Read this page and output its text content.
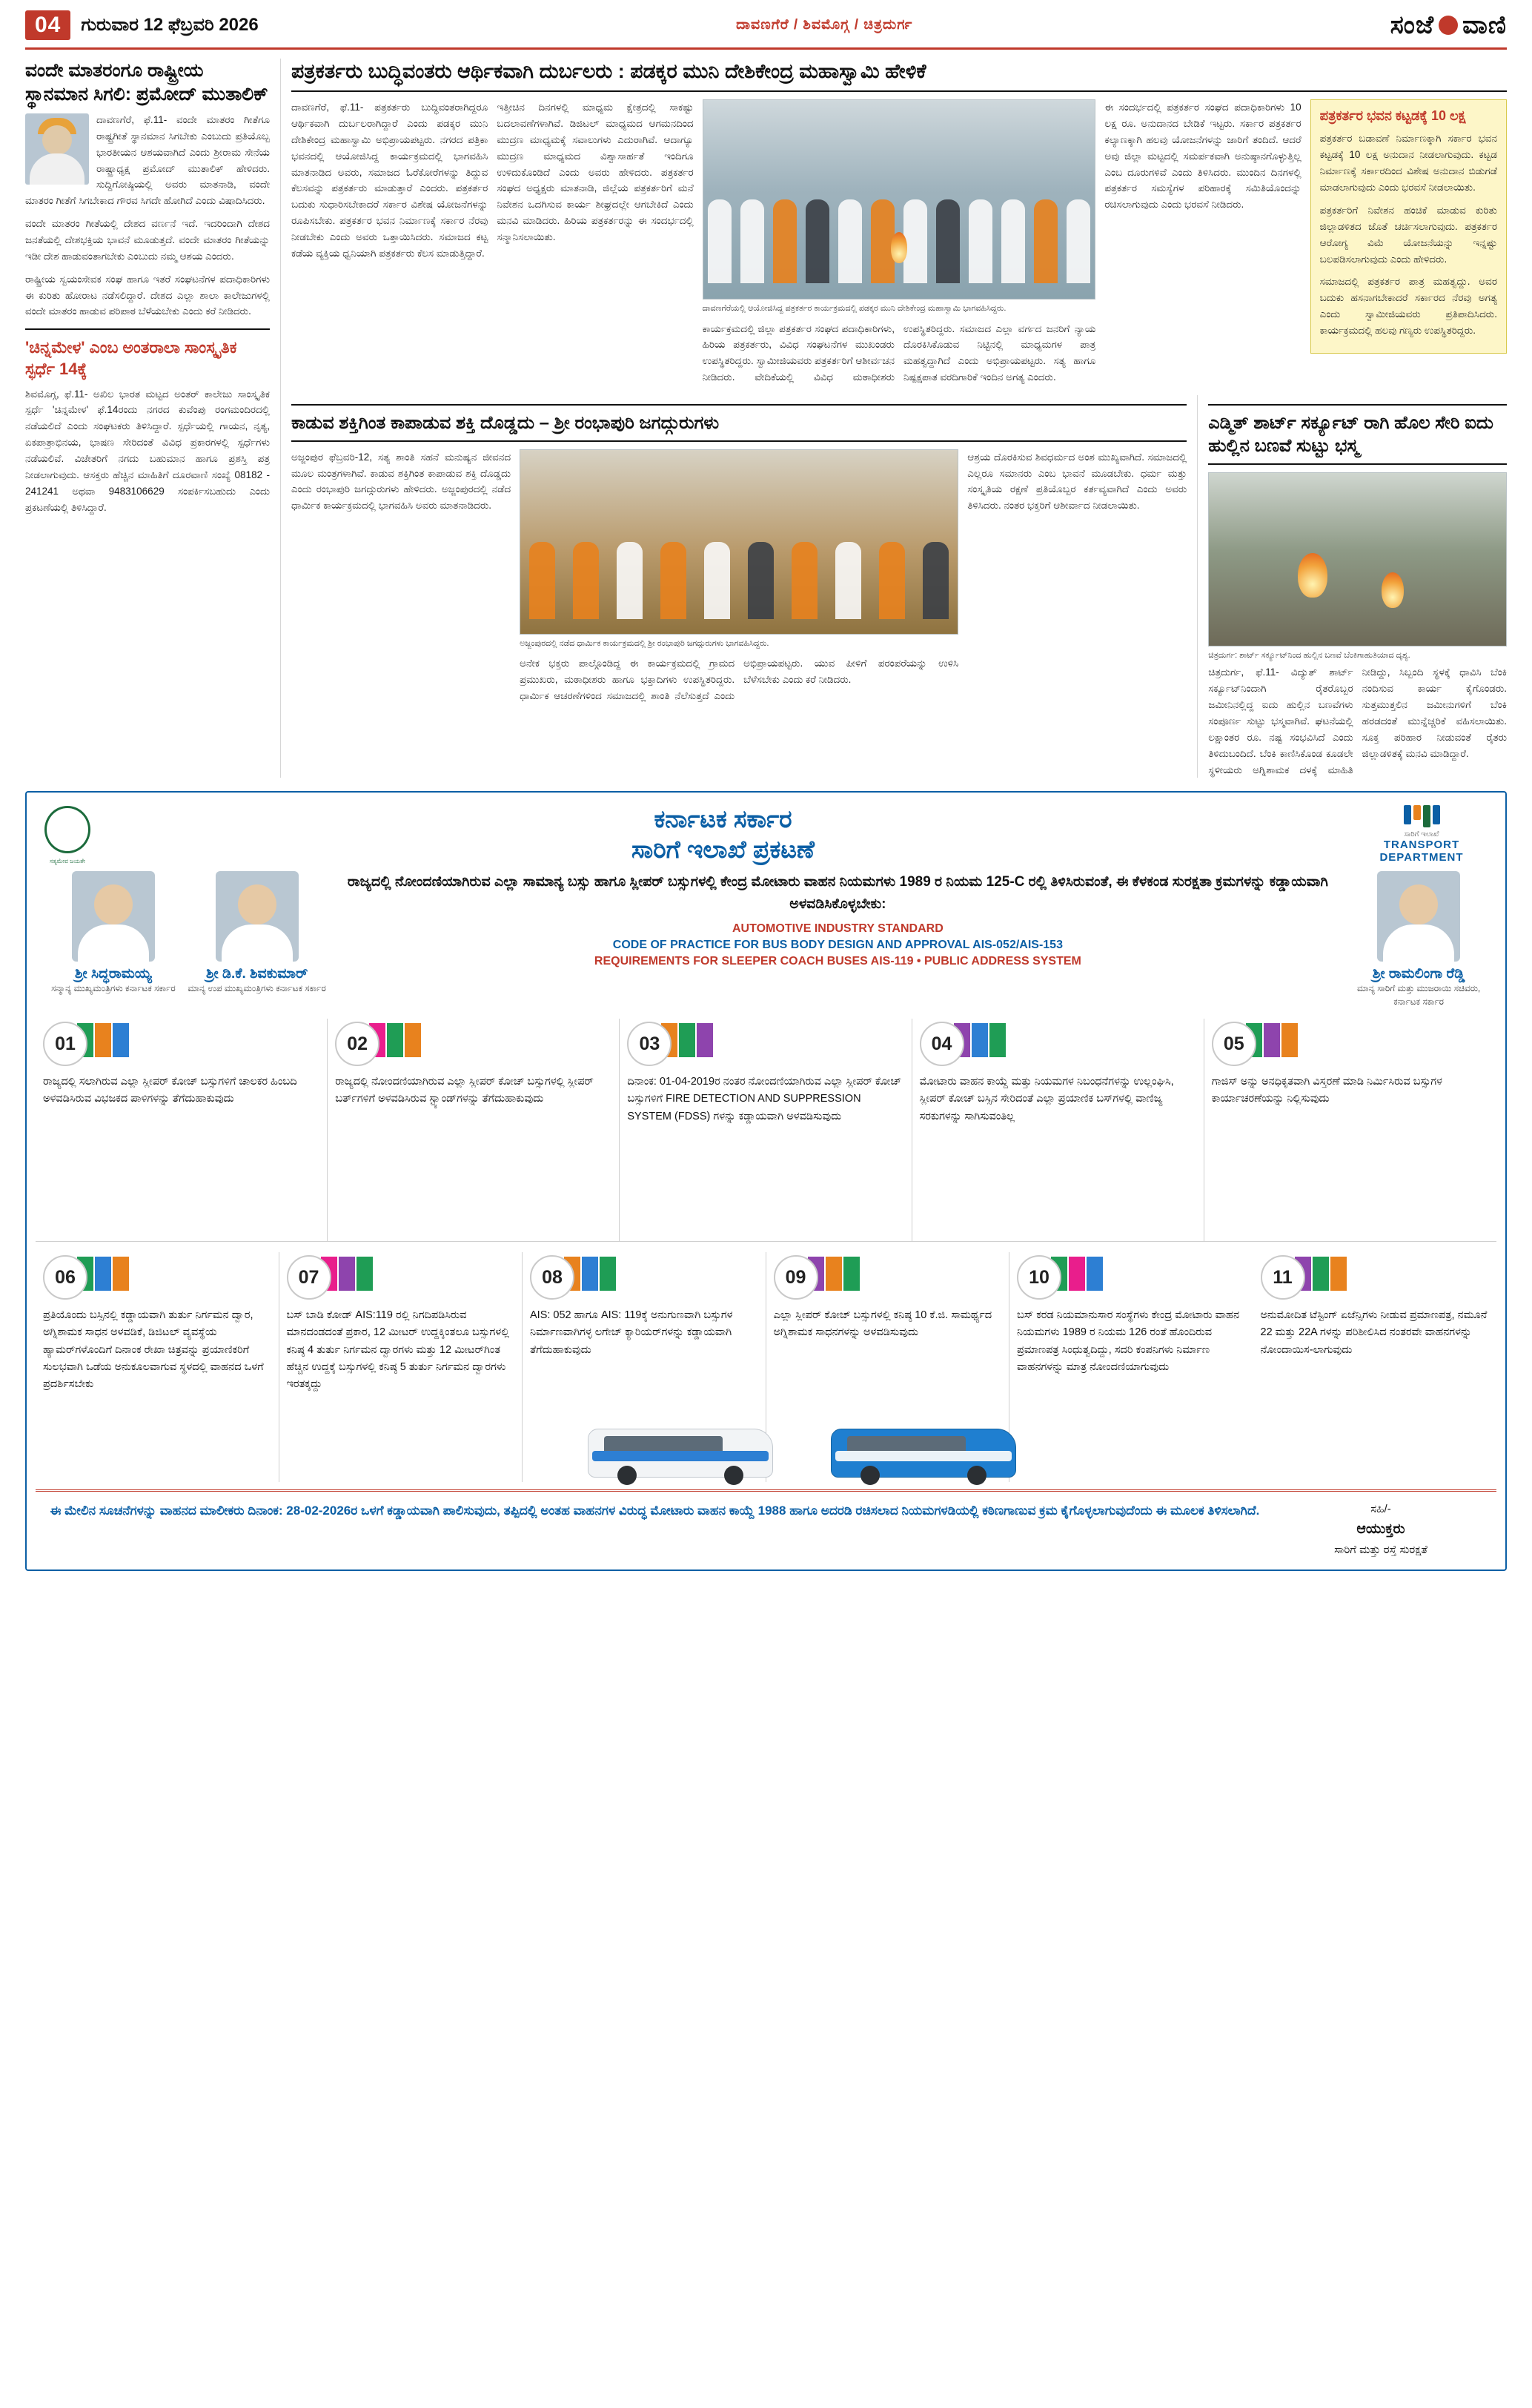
04	ಗುರುವಾರ 12 ಫೆಬ್ರವರಿ 2026	ದಾವಣಗೆರೆ / ಶಿವಮೊಗ್ಗ / ಚಿತ್ರದುರ್ಗ	ಸಂಜೆ ವಾಣಿ
ವಂದೇ ಮಾತರಂಗೂ ರಾಷ್ಟ್ರೀಯ ಸ್ಥಾನಮಾನ ಸಿಗಲಿ: ಪ್ರಮೋದ್ ಮುತಾಲಿಕ್

ದಾವಣಗೆರೆ, ಫೆ.11- ವಂದೇ ಮಾತರಂ ಗೀತೆಗೂ ರಾಷ್ಟ್ರಗೀತೆ ಸ್ಥಾನಮಾನ ಸಿಗಬೇಕು ಎಂಬುದು ಪ್ರತಿಯೊಬ್ಬ ಭಾರತೀಯನ ಆಶಯವಾಗಿದೆ ಎಂದು ಶ್ರೀರಾಮ ಸೇನೆಯ ರಾಷ್ಟ್ರಾಧ್ಯಕ್ಷ ಪ್ರಮೋದ್ ಮುತಾಲಿಕ್ ಹೇಳಿದರು. ಸುದ್ದಿಗೋಷ್ಠಿಯಲ್ಲಿ ಅವರು ಮಾತನಾಡಿ, ವಂದೇ ಮಾತರಂ ಗೀತೆಗೆ ಸಿಗಬೇಕಾದ ಗೌರವ ಸಿಗದೇ ಹೋಗಿದೆ ಎಂದು ವಿಷಾದಿಸಿದರು.

ವಂದೇ ಮಾತರಂ ಗೀತೆಯಲ್ಲಿ ದೇಶದ ವರ್ಣನೆ ಇದೆ. ಇದರಿಂದಾಗಿ ದೇಶದ ಜನತೆಯಲ್ಲಿ ದೇಶಭಕ್ತಿಯ ಭಾವನೆ ಮೂಡುತ್ತದೆ. ವಂದೇ ಮಾತರಂ ಗೀತೆಯನ್ನು ಇಡೀ ದೇಶ ಹಾಡುವಂತಾಗಬೇಕು ಎಂಬುದು ನಮ್ಮ ಆಶಯ ಎಂದರು.

ರಾಷ್ಟ್ರೀಯ ಸ್ವಯಂಸೇವಕ ಸಂಘ ಹಾಗೂ ಇತರೆ ಸಂಘಟನೆಗಳ ಪದಾಧಿಕಾರಿಗಳು ಈ ಕುರಿತು ಹೋರಾಟ ನಡೆಸಲಿದ್ದಾರೆ. ದೇಶದ ಎಲ್ಲಾ ಶಾಲಾ ಕಾಲೇಜುಗಳಲ್ಲಿ ವಂದೇ ಮಾತರಂ ಹಾಡುವ ಪರಿಪಾಠ ಬೆಳೆಯಬೇಕು ಎಂದು ಕರೆ ನೀಡಿದರು.

'ಚಿನ್ನಮೇಳ' ಎಂಬ ಅಂತರಾಲಾ ಸಾಂಸ್ಕೃತಿಕ ಸ್ಫರ್ಧೆ 14ಕ್ಕೆ

ಶಿವಮೊಗ್ಗ, ಫೆ.11- ಅಖಿಲ ಭಾರತ ಮಟ್ಟದ ಅಂತರ್ ಕಾಲೇಜು ಸಾಂಸ್ಕೃತಿಕ ಸ್ಪರ್ಧೆ 'ಚಿನ್ನಮೇಳ' ಫೆ.14ರಂದು ನಗರದ ಕುವೆಂಪು ರಂಗಮಂದಿರದಲ್ಲಿ ನಡೆಯಲಿದೆ ಎಂದು ಸಂಘಟಕರು ತಿಳಿಸಿದ್ದಾರೆ. ಸ್ಪರ್ಧೆಯಲ್ಲಿ ಗಾಯನ, ನೃತ್ಯ, ಏಕಪಾತ್ರಾಭಿನಯ, ಭಾಷಣ ಸೇರಿದಂತೆ ವಿವಿಧ ಪ್ರಕಾರಗಳಲ್ಲಿ ಸ್ಪರ್ಧೆಗಳು ನಡೆಯಲಿವೆ. ವಿಜೇತರಿಗೆ ನಗದು ಬಹುಮಾನ ಹಾಗೂ ಪ್ರಶಸ್ತಿ ಪತ್ರ ನೀಡಲಾಗುವುದು. ಆಸಕ್ತರು ಹೆಚ್ಚಿನ ಮಾಹಿತಿಗೆ ದೂರವಾಣಿ ಸಂಖ್ಯೆ 08182 - 241241 ಅಥವಾ 9483106629 ಸಂಪರ್ಕಿಸಬಹುದು ಎಂದು ಪ್ರಕಟಣೆಯಲ್ಲಿ ತಿಳಿಸಿದ್ದಾರೆ.

ಪತ್ರಕರ್ತರು ಬುದ್ಧಿವಂತರು ಆರ್ಥಿಕವಾಗಿ ದುರ್ಬಲರು : ಪಡಕ್ಕರ ಮುನಿ ದೇಶಿಕೇಂದ್ರ ಮಹಾಸ್ವಾಮಿ ಹೇಳಿಕೆ

ದಾವಣಗೆರೆ, ಫೆ.11- ಪತ್ರಕರ್ತರು ಬುದ್ಧಿವಂತರಾಗಿದ್ದರೂ ಆರ್ಥಿಕವಾಗಿ ದುರ್ಬಲರಾಗಿದ್ದಾರೆ ಎಂದು ಪಡಕ್ಕರ ಮುನಿ ದೇಶಿಕೇಂದ್ರ ಮಹಾಸ್ವಾಮಿ ಅಭಿಪ್ರಾಯಪಟ್ಟರು. ನಗರದ ಪತ್ರಿಕಾ ಭವನದಲ್ಲಿ ಆಯೋಜಿಸಿದ್ದ ಕಾರ್ಯಕ್ರಮದಲ್ಲಿ ಭಾಗವಹಿಸಿ ಮಾತನಾಡಿದ ಅವರು, ಸಮಾಜದ ಓರೆಕೋರೆಗಳನ್ನು ತಿದ್ದುವ ಕೆಲಸವನ್ನು ಪತ್ರಕರ್ತರು ಮಾಡುತ್ತಾರೆ ಎಂದರು. ಪತ್ರಕರ್ತರ ಬದುಕು ಸುಧಾರಿಸಬೇಕಾದರೆ ಸರ್ಕಾರ ವಿಶೇಷ ಯೋಜನೆಗಳನ್ನು ರೂಪಿಸಬೇಕು. ಪತ್ರಕರ್ತರ ಭವನ ನಿರ್ಮಾಣಕ್ಕೆ ಸರ್ಕಾರ ನೆರವು ನೀಡಬೇಕು ಎಂದು ಅವರು ಒತ್ತಾಯಿಸಿದರು. ಸಮಾಜದ ಕಟ್ಟ ಕಡೆಯ ವ್ಯಕ್ತಿಯ ಧ್ವನಿಯಾಗಿ ಪತ್ರಕರ್ತರು ಕೆಲಸ ಮಾಡುತ್ತಿದ್ದಾರೆ.

ಇತ್ತೀಚಿನ ದಿನಗಳಲ್ಲಿ ಮಾಧ್ಯಮ ಕ್ಷೇತ್ರದಲ್ಲಿ ಸಾಕಷ್ಟು ಬದಲಾವಣೆಗಳಾಗಿವೆ. ಡಿಜಿಟಲ್ ಮಾಧ್ಯಮದ ಆಗಮನದಿಂದ ಮುದ್ರಣ ಮಾಧ್ಯಮಕ್ಕೆ ಸವಾಲುಗಳು ಎದುರಾಗಿವೆ. ಆದಾಗ್ಯೂ ಮುದ್ರಣ ಮಾಧ್ಯಮದ ವಿಶ್ವಾಸಾರ್ಹತೆ ಇಂದಿಗೂ ಉಳಿದುಕೊಂಡಿದೆ ಎಂದು ಅವರು ಹೇಳಿದರು. ಪತ್ರಕರ್ತರ ಸಂಘದ ಅಧ್ಯಕ್ಷರು ಮಾತನಾಡಿ, ಜಿಲ್ಲೆಯ ಪತ್ರಕರ್ತರಿಗೆ ಮನೆ ನಿವೇಶನ ಒದಗಿಸುವ ಕಾರ್ಯ ಶೀಘ್ರದಲ್ಲೇ ಆಗಬೇಕಿದೆ ಎಂದು ಮನವಿ ಮಾಡಿದರು. ಹಿರಿಯ ಪತ್ರಕರ್ತರನ್ನು ಈ ಸಂದರ್ಭದಲ್ಲಿ ಸನ್ಮಾನಿಸಲಾಯಿತು.

ದಾವಣಗೆರೆಯಲ್ಲಿ ಆಯೋಜಿಸಿದ್ದ ಪತ್ರಕರ್ತರ ಕಾರ್ಯಕ್ರಮದಲ್ಲಿ ಪಡಕ್ಕರ ಮುನಿ ದೇಶಿಕೇಂದ್ರ ಮಹಾಸ್ವಾಮಿ ಭಾಗವಹಿಸಿದ್ದರು.

ಕಾರ್ಯಕ್ರಮದಲ್ಲಿ ಜಿಲ್ಲಾ ಪತ್ರಕರ್ತರ ಸಂಘದ ಪದಾಧಿಕಾರಿಗಳು, ಹಿರಿಯ ಪತ್ರಕರ್ತರು, ವಿವಿಧ ಸಂಘಟನೆಗಳ ಮುಖಂಡರು ಉಪಸ್ಥಿತರಿದ್ದರು. ಸ್ವಾಮೀಜಿಯವರು ಪತ್ರಕರ್ತರಿಗೆ ಆಶೀರ್ವಚನ ನೀಡಿದರು. ವೇದಿಕೆಯಲ್ಲಿ ವಿವಿಧ ಮಠಾಧೀಶರು ಉಪಸ್ಥಿತರಿದ್ದರು. ಸಮಾಜದ ಎಲ್ಲಾ ವರ್ಗದ ಜನರಿಗೆ ನ್ಯಾಯ ದೊರಕಿಸಿಕೊಡುವ ನಿಟ್ಟಿನಲ್ಲಿ ಮಾಧ್ಯಮಗಳ ಪಾತ್ರ ಮಹತ್ವದ್ದಾಗಿದೆ ಎಂದು ಅಭಿಪ್ರಾಯಪಟ್ಟರು. ಸತ್ಯ ಹಾಗೂ ನಿಷ್ಪಕ್ಷಪಾತ ವರದಿಗಾರಿಕೆ ಇಂದಿನ ಅಗತ್ಯ ಎಂದರು.

ಈ ಸಂದರ್ಭದಲ್ಲಿ ಪತ್ರಕರ್ತರ ಸಂಘದ ಪದಾಧಿಕಾರಿಗಳು 10 ಲಕ್ಷ ರೂ. ಅನುದಾನದ ಬೇಡಿಕೆ ಇಟ್ಟರು. ಸರ್ಕಾರ ಪತ್ರಕರ್ತರ ಕಲ್ಯಾಣಕ್ಕಾಗಿ ಹಲವು ಯೋಜನೆಗಳನ್ನು ಜಾರಿಗೆ ತಂದಿದೆ. ಆದರೆ ಅವು ಜಿಲ್ಲಾ ಮಟ್ಟದಲ್ಲಿ ಸಮರ್ಪಕವಾಗಿ ಅನುಷ್ಠಾನಗೊಳ್ಳುತ್ತಿಲ್ಲ ಎಂಬ ದೂರುಗಳಿವೆ ಎಂದು ತಿಳಿಸಿದರು. ಮುಂದಿನ ದಿನಗಳಲ್ಲಿ ಪತ್ರಕರ್ತರ ಸಮಸ್ಯೆಗಳ ಪರಿಹಾರಕ್ಕೆ ಸಮಿತಿಯೊಂದನ್ನು ರಚಿಸಲಾಗುವುದು ಎಂದು ಭರವಸೆ ನೀಡಿದರು.

ಪತ್ರಕರ್ತರ ಭವನ ಕಟ್ಟಡಕ್ಕೆ 10 ಲಕ್ಷ

ಪತ್ರಕರ್ತರ ಬಡಾವಣೆ ನಿರ್ಮಾಣಕ್ಕಾಗಿ ಸರ್ಕಾರ ಭವನ ಕಟ್ಟಡಕ್ಕೆ 10 ಲಕ್ಷ ಅನುದಾನ ನೀಡಲಾಗುವುದು. ಕಟ್ಟಡ ನಿರ್ಮಾಣಕ್ಕೆ ಸರ್ಕಾರದಿಂದ ವಿಶೇಷ ಅನುದಾನ ಬಿಡುಗಡೆ ಮಾಡಲಾಗುವುದು ಎಂದು ಭರವಸೆ ನೀಡಲಾಯಿತು.

ಪತ್ರಕರ್ತರಿಗೆ ನಿವೇಶನ ಹಂಚಿಕೆ ಮಾಡುವ ಕುರಿತು ಜಿಲ್ಲಾಡಳಿತದ ಜೊತೆ ಚರ್ಚಿಸಲಾಗುವುದು. ಪತ್ರಕರ್ತರ ಆರೋಗ್ಯ ವಿಮೆ ಯೋಜನೆಯನ್ನು ಇನ್ನಷ್ಟು ಬಲಪಡಿಸಲಾಗುವುದು ಎಂದು ಹೇಳಿದರು.

ಸಮಾಜದಲ್ಲಿ ಪತ್ರಕರ್ತರ ಪಾತ್ರ ಮಹತ್ವದ್ದು. ಅವರ ಬದುಕು ಹಸನಾಗಬೇಕಾದರೆ ಸರ್ಕಾರದ ನೆರವು ಅಗತ್ಯ ಎಂದು ಸ್ವಾಮೀಜಿಯವರು ಪ್ರತಿಪಾದಿಸಿದರು. ಕಾರ್ಯಕ್ರಮದಲ್ಲಿ ಹಲವು ಗಣ್ಯರು ಉಪಸ್ಥಿತರಿದ್ದರು.

ಕಾಡುವ ಶಕ್ತಿಗಿಂತ ಕಾಪಾಡುವ ಶಕ್ತಿ ದೊಡ್ಡದು – ಶ್ರೀ ರಂಭಾಪುರಿ ಜಗದ್ಗುರುಗಳು

ಅಜ್ಜಂಪುರ ಫೆಬ್ರವರಿ-12, ಸತ್ಯ ಶಾಂತಿ ಸಹನೆ ಮನುಷ್ಯನ ಜೀವನದ ಮೂಲ ಮಂತ್ರಗಳಾಗಿವೆ. ಕಾಡುವ ಶಕ್ತಿಗಿಂತ ಕಾಪಾಡುವ ಶಕ್ತಿ ದೊಡ್ಡದು ಎಂದು ರಂಭಾಪುರಿ ಜಗದ್ಗುರುಗಳು ಹೇಳಿದರು. ಅಜ್ಜಂಪುರದಲ್ಲಿ ನಡೆದ ಧಾರ್ಮಿಕ ಕಾರ್ಯಕ್ರಮದಲ್ಲಿ ಭಾಗವಹಿಸಿ ಅವರು ಮಾತನಾಡಿದರು.

ಅಜ್ಜಂಪುರದಲ್ಲಿ ನಡೆದ ಧಾರ್ಮಿಕ ಕಾರ್ಯಕ್ರಮದಲ್ಲಿ ಶ್ರೀ ರಂಭಾಪುರಿ ಜಗದ್ಗುರುಗಳು ಭಾಗವಹಿಸಿದ್ದರು.

ಅನೇಕ ಭಕ್ತರು ಪಾಲ್ಗೊಂಡಿದ್ದ ಈ ಕಾರ್ಯಕ್ರಮದಲ್ಲಿ ಗ್ರಾಮದ ಪ್ರಮುಖರು, ಮಠಾಧೀಶರು ಹಾಗೂ ಭಕ್ತಾದಿಗಳು ಉಪಸ್ಥಿತರಿದ್ದರು. ಧಾರ್ಮಿಕ ಆಚರಣೆಗಳಿಂದ ಸಮಾಜದಲ್ಲಿ ಶಾಂತಿ ನೆಲೆಸುತ್ತದೆ ಎಂದು ಅಭಿಪ್ರಾಯಪಟ್ಟರು. ಯುವ ಪೀಳಿಗೆ ಪರಂಪರೆಯನ್ನು ಉಳಿಸಿ ಬೆಳೆಸಬೇಕು ಎಂದು ಕರೆ ನೀಡಿದರು.

ಆಶ್ರಯ ದೊರಕಿಸುವ ಶಿವಧರ್ಮದ ಅಂಶ ಮುಖ್ಯವಾಗಿದೆ. ಸಮಾಜದಲ್ಲಿ ಎಲ್ಲರೂ ಸಮಾನರು ಎಂಬ ಭಾವನೆ ಮೂಡಬೇಕು. ಧರ್ಮ ಮತ್ತು ಸಂಸ್ಕೃತಿಯ ರಕ್ಷಣೆ ಪ್ರತಿಯೊಬ್ಬರ ಕರ್ತವ್ಯವಾಗಿದೆ ಎಂದು ಅವರು ತಿಳಿಸಿದರು. ನಂತರ ಭಕ್ತರಿಗೆ ಆಶೀರ್ವಾದ ನೀಡಲಾಯಿತು.

ಎಡ್ಮಿತ್ ಶಾರ್ಟ್ ಸರ್ಕ್ಯೂಟ್ ರಾಗಿ ಹೊಲ ಸೇರಿ ಐದು ಹುಲ್ಲಿನ ಬಣವೆ ಸುಟ್ಟು ಭಸ್ಮ
ಚಿತ್ರದುರ್ಗ: ಶಾರ್ಟ್ ಸರ್ಕ್ಯೂಟ್‌ನಿಂದ ಹುಲ್ಲಿನ ಬಣವೆ ಬೆಂಕಿಗಾಹುತಿಯಾದ ದೃಶ್ಯ.

ಚಿತ್ರದುರ್ಗ, ಫೆ.11- ವಿದ್ಯುತ್ ಶಾರ್ಟ್ ಸರ್ಕ್ಯೂಟ್‌ನಿಂದಾಗಿ ರೈತರೊಬ್ಬರ ಜಮೀನಿನಲ್ಲಿದ್ದ ಐದು ಹುಲ್ಲಿನ ಬಣವೆಗಳು ಸಂಪೂರ್ಣ ಸುಟ್ಟು ಭಸ್ಮವಾಗಿವೆ. ಘಟನೆಯಲ್ಲಿ ಲಕ್ಷಾಂತರ ರೂ. ನಷ್ಟ ಸಂಭವಿಸಿದೆ ಎಂದು ತಿಳಿದುಬಂದಿದೆ. ಬೆಂಕಿ ಕಾಣಿಸಿಕೊಂಡ ಕೂಡಲೇ ಸ್ಥಳೀಯರು ಅಗ್ನಿಶಾಮಕ ದಳಕ್ಕೆ ಮಾಹಿತಿ ನೀಡಿದ್ದು, ಸಿಬ್ಬಂದಿ ಸ್ಥಳಕ್ಕೆ ಧಾವಿಸಿ ಬೆಂಕಿ ನಂದಿಸುವ ಕಾರ್ಯ ಕೈಗೊಂಡರು. ಸುತ್ತಮುತ್ತಲಿನ ಜಮೀನುಗಳಿಗೆ ಬೆಂಕಿ ಹರಡದಂತೆ ಮುನ್ನೆಚ್ಚರಿಕೆ ವಹಿಸಲಾಯಿತು. ಸೂಕ್ತ ಪರಿಹಾರ ನೀಡುವಂತೆ ರೈತರು ಜಿಲ್ಲಾಡಳಿತಕ್ಕೆ ಮನವಿ ಮಾಡಿದ್ದಾರೆ.

ಸತ್ಯಮೇವ ಜಯತೇ
ಕರ್ನಾಟಕ ಸರ್ಕಾರ
ಸಾರಿಗೆ ಇಲಾಖೆ ಪ್ರಕಟಣೆ
ಸಾರಿಗೆ ಇಲಾಖೆ
TRANSPORT DEPARTMENT
ಶ್ರೀ ಸಿದ್ಧರಾಮಯ್ಯ
ಸನ್ಮಾನ್ಯ ಮುಖ್ಯಮಂತ್ರಿಗಳು ಕರ್ನಾಟಕ ಸರ್ಕಾರ
ಶ್ರೀ ಡಿ.ಕೆ. ಶಿವಕುಮಾರ್
ಮಾನ್ಯ ಉಪ ಮುಖ್ಯಮಂತ್ರಿಗಳು ಕರ್ನಾಟಕ ಸರ್ಕಾರ
ರಾಜ್ಯದಲ್ಲಿ ನೋಂದಣಿಯಾಗಿರುವ ಎಲ್ಲಾ ಸಾಮಾನ್ಯ ಬಸ್ಸು ಹಾಗೂ ಸ್ಲೀಪರ್ ಬಸ್ಸುಗಳಲ್ಲಿ ಕೇಂದ್ರ ಮೋಟಾರು ವಾಹನ ನಿಯಮಗಳು 1989 ರ ನಿಯಮ 125-C ರಲ್ಲಿ ತಿಳಿಸಿರುವಂತೆ, ಈ ಕೆಳಕಂಡ ಸುರಕ್ಷತಾ ಕ್ರಮಗಳನ್ನು ಕಡ್ಡಾಯವಾಗಿ ಅಳವಡಿಸಿಕೊಳ್ಳಬೇಕು:
AUTOMOTIVE INDUSTRY STANDARD
CODE OF PRACTICE FOR BUS BODY DESIGN AND APPROVAL AIS-052/AIS-153
REQUIREMENTS FOR SLEEPER COACH BUSES AIS-119 • PUBLIC ADDRESS SYSTEM
ಶ್ರೀ ರಾಮಲಿಂಗಾ ರೆಡ್ಡಿ
ಮಾನ್ಯ ಸಾರಿಗೆ ಮತ್ತು ಮುಜರಾಯಿ ಸಚಿವರು, ಕರ್ನಾಟಕ ಸರ್ಕಾರ
01
ರಾಜ್ಯದಲ್ಲಿ ಸಲಾಗಿರುವ ಎಲ್ಲಾ ಸ್ಲೀಪರ್ ಕೋಚ್ ಬಸ್ಸುಗಳಿಗೆ ಚಾಲಕರ ಹಿಂಬದಿ ಅಳವಡಿಸಿರುವ ವಿಭಜಕದ ಪಾಳಿಗಳನ್ನು ತೆಗೆದುಹಾಕುವುದು
02
ರಾಜ್ಯದಲ್ಲಿ ನೋಂದಣಿಯಾಗಿರುವ ಎಲ್ಲಾ ಸ್ಲೀಪರ್ ಕೋಚ್ ಬಸ್ಸುಗಳಲ್ಲಿ ಸ್ಲೀಪರ್ ಬರ್ತ್‌ಗಳಿಗೆ ಅಳವಡಿಸಿರುವ ಸ್ಟ್ಯಾಂಡ್‌ಗಳನ್ನು ತೆಗೆದುಹಾಕುವುದು
03
ದಿನಾಂಕ: 01-04-2019ರ ನಂತರ ನೋಂದಣಿಯಾಗಿರುವ ಎಲ್ಲಾ ಸ್ಲೀಪರ್ ಕೋಚ್ ಬಸ್ಸುಗಳಿಗೆ FIRE DETECTION AND SUPPRESSION SYSTEM (FDSS) ಗಳನ್ನು ಕಡ್ಡಾಯವಾಗಿ ಅಳವಡಿಸುವುದು
04
ಮೋಟಾರು ವಾಹನ ಕಾಯ್ದೆ ಮತ್ತು ನಿಯಮಗಳ ನಿಬಂಧನೆಗಳನ್ನು ಉಲ್ಲಂಘಿಸಿ, ಸ್ಲೀಪರ್ ಕೋಚ್ ಬಸ್ಸಿನ ಸೇರಿದಂತೆ ಎಲ್ಲಾ ಪ್ರಯಾಣಿಕ ಬಸ್‌ಗಳಲ್ಲಿ ವಾಣಿಜ್ಯ ಸರಕುಗಳನ್ನು ಸಾಗಿಸುವಂತಿಲ್ಲ
05
ಗಾಜಿಸ್ ಅನ್ನು ಅನಧಿಕೃತವಾಗಿ ವಿಸ್ತರಣೆ ಮಾಡಿ ನಿರ್ಮಿಸಿರುವ ಬಸ್ಸುಗಳ ಕಾರ್ಯಾಚರಣೆಯನ್ನು ನಿಲ್ಲಿಸುವುದು
06
ಪ್ರತಿಯೊಂದು ಬಸ್ಸಿನಲ್ಲಿ ಕಡ್ಡಾಯವಾಗಿ ತುರ್ತು ನಿರ್ಗಮನ ದ್ವಾರ, ಅಗ್ನಿಶಾಮಕ ಸಾಧನ ಅಳವಡಿಕೆ, ಡಿಜಿಟಲ್ ವ್ಯವಸ್ಥೆಯ ಹ್ಯಾಮರ್‌ಗಳೊಂದಿಗೆ ದಿನಾಂಕ ರೇಖಾ ಚಿತ್ರವನ್ನು ಪ್ರಯಾಣಿಕರಿಗೆ ಸುಲಭವಾಗಿ ಒಡೆಯ ಅನುಕೂಲವಾಗುವ ಸ್ಥಳದಲ್ಲಿ ವಾಹನದ ಒಳಗೆ ಪ್ರದರ್ಶಿಸಬೇಕು
07
ಬಸ್ ಬಾಡಿ ಕೋಡ್ AIS:119 ರಲ್ಲಿ ನಿಗದಿಪಡಿಸಿರುವ ಮಾನದಂಡದಂತೆ ಪ್ರಕಾರ, 12 ಮೀಟರ್ ಉದ್ದಕ್ಕಿಂತಲೂ ಬಸ್ಸುಗಳಲ್ಲಿ ಕನಿಷ್ಠ 4 ತುರ್ತು ನಿರ್ಗಮನ ದ್ವಾರಗಳು ಮತ್ತು 12 ಮೀಟರ್‌ಗಿಂತ ಹೆಚ್ಚಿನ ಉದ್ದಕ್ಕೆ ಬಸ್ಸುಗಳಲ್ಲಿ ಕನಿಷ್ಠ 5 ತುರ್ತು ನಿರ್ಗಮನ ದ್ವಾರಗಳು ಇರತಕ್ಕದ್ದು
08
AIS: 052 ಹಾಗೂ AIS: 119ಕ್ಕೆ ಅನುಗುಣವಾಗಿ ಬಸ್ಸುಗಳ ನಿರ್ಮಾಣವಾಗಿಗಳ್ಳ ಲಗೇಜ್ ಕ್ಯಾರಿಯರ್‌ಗಳನ್ನು ಕಡ್ಡಾಯವಾಗಿ ತೆಗೆದುಹಾಕುವುದು
09
ಎಲ್ಲಾ ಸ್ಲೀಪರ್ ಕೋಚ್ ಬಸ್ಸುಗಳಲ್ಲಿ ಕನಿಷ್ಠ 10 ಕೆ.ಜಿ. ಸಾಮರ್ಥ್ಯದ ಅಗ್ನಿಶಾಮಕ ಸಾಧನಗಳನ್ನು ಅಳವಡಿಸುವುದು
10
ಬಸ್ ಕರಡ ನಿಯಮಾನುಸಾರ ಸಂಸ್ಥೆಗಳು ಕೇಂದ್ರ ಮೋಟಾರು ವಾಹನ ನಿಯಮಗಳು 1989 ರ ನಿಯಮ 126 ರಂತೆ ಹೊಂದಿರುವ ಪ್ರಮಾಣಪತ್ರ ಸಿಂಧುತ್ವದಿದ್ದು, ಸದರಿ ಕಂಪನಿಗಳು ನಿರ್ಮಾಣ ವಾಹನಗಳನ್ನು ಮಾತ್ರ ನೋಂದಣಿಯಾಗುವುದು
11
ಅನುಮೋದಿತ ಟೆಸ್ಟಿಂಗ್ ಏಜೆನ್ಸಿಗಳು ನೀಡುವ ಪ್ರಮಾಣಪತ್ರ, ನಮೂನೆ 22 ಮತ್ತು 22A ಗಳನ್ನು ಪರಿಶೀಲಿಸಿದ ನಂತರವೇ ವಾಹನಗಳನ್ನು ನೋಂದಾಯಿಸ-ಲಾಗುವುದು
ಈ ಮೇಲಿನ ಸೂಚನೆಗಳನ್ನು ವಾಹನದ ಮಾಲೀಕರು ದಿನಾಂಕ: 28-02-2026ರ ಒಳಗೆ ಕಡ್ಡಾಯವಾಗಿ ಪಾಲಿಸುವುದು, ತಪ್ಪಿದಲ್ಲಿ ಅಂತಹ ವಾಹನಗಳ ವಿರುದ್ಧ ಮೋಟಾರು ವಾಹನ ಕಾಯ್ದೆ 1988 ಹಾಗೂ ಅದರಡಿ ರಚಿಸಲಾದ ನಿಯಮಗಳಡಿಯಲ್ಲಿ ಕಠಿಣಗಾಣುವ ಕ್ರಮ ಕೈಗೊಳ್ಳಲಾಗುವುದೆಂದು ಈ ಮೂಲಕ ತಿಳಿಸಲಾಗಿದೆ.	ಸಹಿ/-
ಆಯುಕ್ತರು
ಸಾರಿಗೆ ಮತ್ತು ರಸ್ತೆ ಸುರಕ್ಷತೆ
